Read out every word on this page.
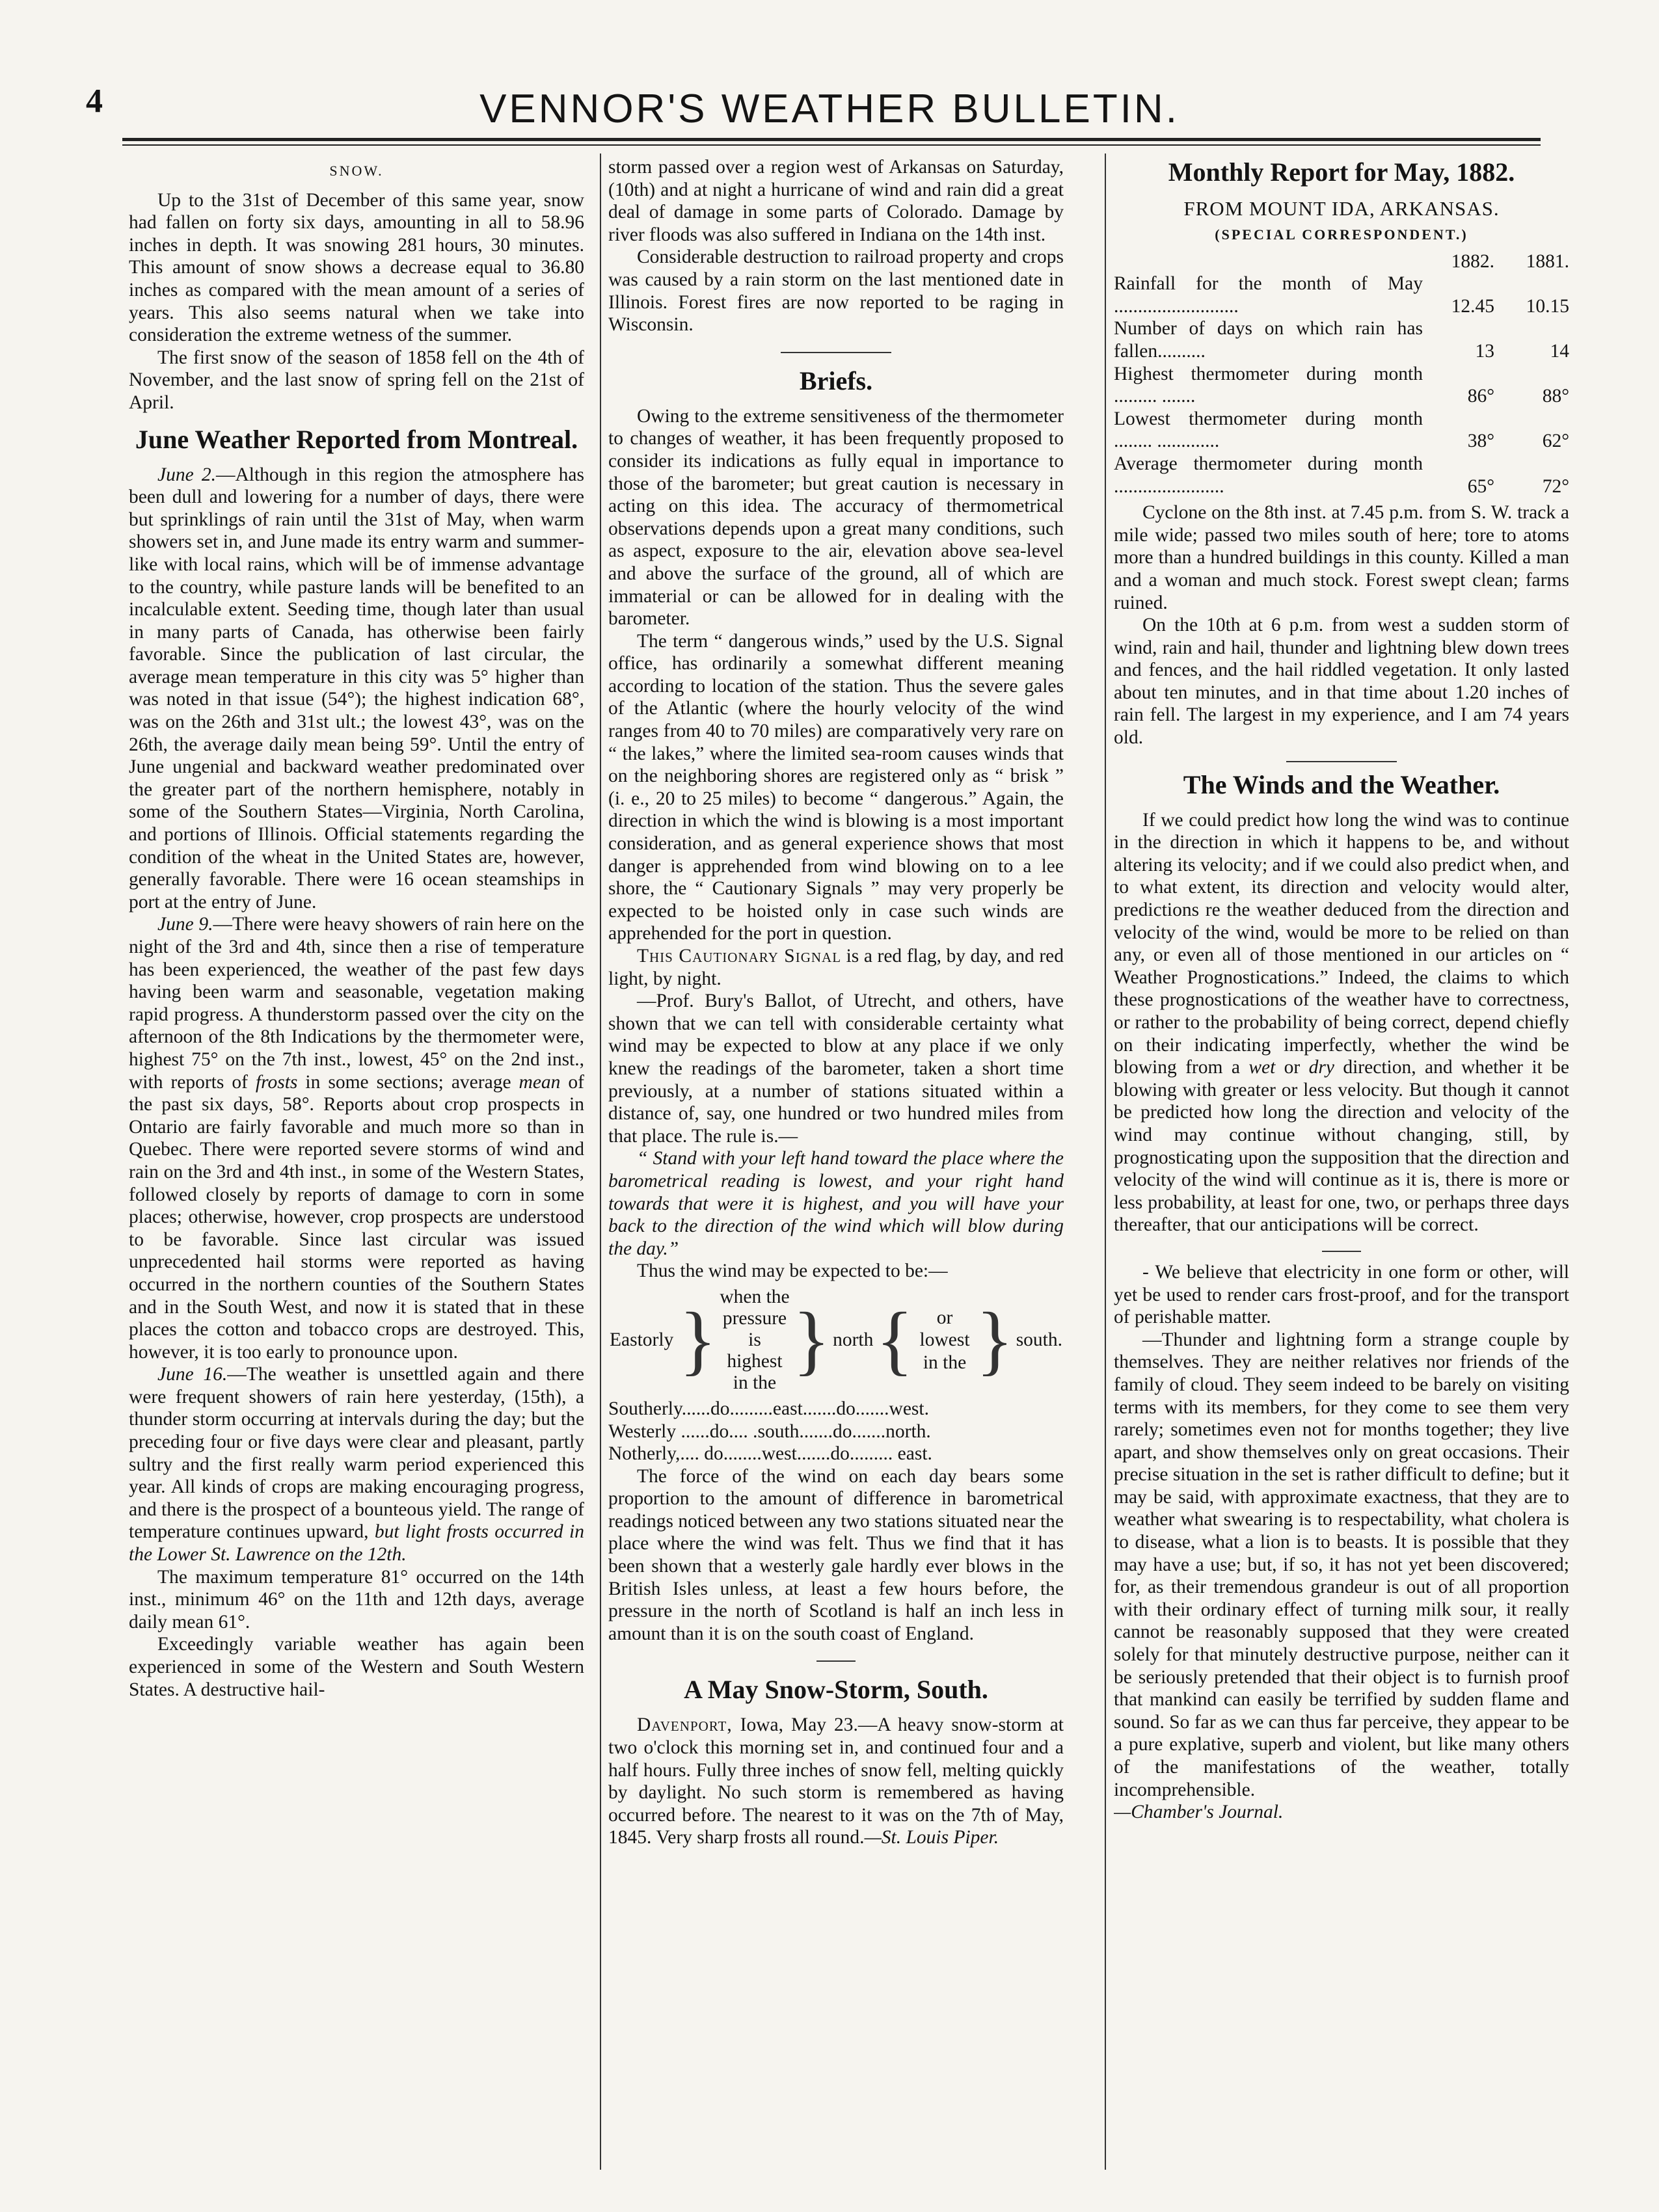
4	VENNOR'S WEATHER BULLETIN.
SNOW.

Up to the 31st of December of this same year, snow had fallen on forty six days, amounting in all to 58.96 inches in depth. It was snowing 281 hours, 30 minutes. This amount of snow shows a decrease equal to 36.80 inches as compared with the mean amount of a series of years. This also seems natural when we take into consideration the extreme wetness of the summer.

The first snow of the season of 1858 fell on the 4th of November, and the last snow of spring fell on the 21st of April.

June Weather Reported from Montreal.

June 2.—Although in this region the atmosphere has been dull and lowering for a number of days, there were but sprinklings of rain until the 31st of May, when warm showers set in, and June made its entry warm and summer-like with local rains, which will be of immense advantage to the country, while pasture lands will be benefited to an incalculable extent. Seeding time, though later than usual in many parts of Canada, has otherwise been fairly favorable. Since the publication of last circular, the average mean temperature in this city was 5° higher than was noted in that issue (54°); the highest indication 68°, was on the 26th and 31st ult.; the lowest 43°, was on the 26th, the average daily mean being 59°. Until the entry of June ungenial and backward weather predominated over the greater part of the northern hemisphere, notably in some of the Southern States—Virginia, North Carolina, and portions of Illinois. Official statements regarding the condition of the wheat in the United States are, however, generally favorable. There were 16 ocean steamships in port at the entry of June.

June 9.—There were heavy showers of rain here on the night of the 3rd and 4th, since then a rise of temperature has been experienced, the weather of the past few days having been warm and seasonable, vegetation making rapid progress. A thunderstorm passed over the city on the afternoon of the 8th Indications by the thermometer were, highest 75° on the 7th inst., lowest, 45° on the 2nd inst., with reports of frosts in some sections; average mean of the past six days, 58°. Reports about crop prospects in Ontario are fairly favorable and much more so than in Quebec. There were reported severe storms of wind and rain on the 3rd and 4th inst., in some of the Western States, followed closely by reports of damage to corn in some places; otherwise, however, crop prospects are understood to be favorable. Since last circular was issued unprecedented hail storms were reported as having occurred in the northern counties of the Southern States and in the South West, and now it is stated that in these places the cotton and tobacco crops are destroyed. This, however, it is too early to pronounce upon.

June 16.—The weather is unsettled again and there were frequent showers of rain here yesterday, (15th), a thunder storm occurring at intervals during the day; but the preceding four or five days were clear and pleasant, partly sultry and the first really warm period experienced this year. All kinds of crops are making encouraging progress, and there is the prospect of a bounteous yield. The range of temperature continues upward, but light frosts occurred in the Lower St. Lawrence on the 12th.

The maximum temperature 81° occurred on the 14th inst., minimum 46° on the 11th and 12th days, average daily mean 61°.

Exceedingly variable weather has again been experienced in some of the Western and South Western States. A destructive hail-

storm passed over a region west of Arkansas on Saturday, (10th) and at night a hurricane of wind and rain did a great deal of damage in some parts of Colorado. Damage by river floods was also suffered in Indiana on the 14th inst.

Considerable destruction to railroad property and crops was caused by a rain storm on the last mentioned date in Illinois. Forest fires are now reported to be raging in Wisconsin.

Briefs.

Owing to the extreme sensitiveness of the thermometer to changes of weather, it has been frequently proposed to consider its indications as fully equal in importance to those of the barometer; but great caution is necessary in acting on this idea. The accuracy of thermometrical observations depends upon a great many conditions, such as aspect, exposure to the air, elevation above sea-level and above the surface of the ground, all of which are immaterial or can be allowed for in dealing with the barometer.

The term “ dangerous winds,” used by the U.S. Signal office, has ordinarily a somewhat different meaning according to location of the station. Thus the severe gales of the Atlantic (where the hourly velocity of the wind ranges from 40 to 70 miles) are comparatively very rare on “ the lakes,” where the limited sea-room causes winds that on the neighboring shores are registered only as “ brisk ” (i. e., 20 to 25 miles) to become “ dangerous.” Again, the direction in which the wind is blowing is a most important consideration, and as general experience shows that most danger is apprehended from wind blowing on to a lee shore, the “ Cautionary Signals ” may very properly be expected to be hoisted only in case such winds are apprehended for the port in question.

This Cautionary Signal is a red flag, by day, and red light, by night.

—Prof. Bury's Ballot, of Utrecht, and others, have shown that we can tell with considerable certainty what wind may be expected to blow at any place if we only knew the readings of the barometer, taken a short time previously, at a number of stations situated within a distance of, say, one hundred or two hundred miles from that place. The rule is.—

“ Stand with your left hand toward the place where the barometrical reading is lowest, and your right hand towards that were it is highest, and you will have your back to the direction of the wind which will blow during the day.”

Thus the wind may be expected to be:—

Eastorly	}	when the pressure is highest in the	}	north	{	or lowest in the	}	south.
Southerly......do.........east.......do.......west.
Westerly ......do.... .south.......do.......north.
Notherly,.... do........west.......do......... east.

The force of the wind on each day bears some proportion to the amount of difference in barometrical readings noticed between any two stations situated near the place where the wind was felt. Thus we find that it has been shown that a westerly gale hardly ever blows in the British Isles unless, at least a few hours before, the pressure in the north of Scotland is half an inch less in amount than it is on the south coast of England.

A May Snow-Storm, South.

Davenport, Iowa, May 23.—A heavy snow-storm at two o'clock this morning set in, and continued four and a half hours. Fully three inches of snow fell, melting quickly by daylight. No such storm is remembered as having occurred before. The nearest to it was on the 7th of May, 1845. Very sharp frosts all round.—St. Louis Piper.

Monthly Report for May, 1882.
FROM MOUNT IDA, ARKANSAS.
(SPECIAL CORRESPONDENT.)
	1882.	1881.
Rainfall for the month of May ..........................	12.45	10.15
Number of days on which rain has fallen..........	13	14
Highest thermometer during month ......... .......	86°	88°
Lowest thermometer during month ........ .............	38°	62°
Average thermometer during month .......................	65°	72°

Cyclone on the 8th inst. at 7.45 p.m. from S. W. track a mile wide; passed two miles south of here; tore to atoms more than a hundred buildings in this county. Killed a man and a woman and much stock. Forest swept clean; farms ruined.

On the 10th at 6 p.m. from west a sudden storm of wind, rain and hail, thunder and lightning blew down trees and fences, and the hail riddled vegetation. It only lasted about ten minutes, and in that time about 1.20 inches of rain fell. The largest in my experience, and I am 74 years old.

The Winds and the Weather.

If we could predict how long the wind was to continue in the direction in which it happens to be, and without altering its velocity; and if we could also predict when, and to what extent, its direction and velocity would alter, predictions re the weather deduced from the direction and velocity of the wind, would be more to be relied on than any, or even all of those mentioned in our articles on “ Weather Prognostications.” Indeed, the claims to which these prognostications of the weather have to correctness, or rather to the probability of being correct, depend chiefly on their indicating imperfectly, whether the wind be blowing from a wet or dry direction, and whether it be blowing with greater or less velocity. But though it cannot be predicted how long the direction and velocity of the wind may continue without changing, still, by prognosticating upon the supposition that the direction and velocity of the wind will continue as it is, there is more or less probability, at least for one, two, or perhaps three days thereafter, that our anticipations will be correct.

- We believe that electricity in one form or other, will yet be used to render cars frost-proof, and for the transport of perishable matter.

—Thunder and lightning form a strange couple by themselves. They are neither relatives nor friends of the family of cloud. They seem indeed to be barely on visiting terms with its members, for they come to see them very rarely; sometimes even not for months together; they live apart, and show themselves only on great occasions. Their precise situation in the set is rather difficult to define; but it may be said, with approximate exactness, that they are to weather what swearing is to respectability, what cholera is to disease, what a lion is to beasts. It is possible that they may have a use; but, if so, it has not yet been discovered; for, as their tremendous grandeur is out of all proportion with their ordinary effect of turning milk sour, it really cannot be reasonably supposed that they were created solely for that minutely destructive purpose, neither can it be seriously pretended that their object is to furnish proof that mankind can easily be terrified by sudden flame and sound. So far as we can thus far perceive, they appear to be a pure explative, superb and violent, but like many others of the manifestations of the weather, totally incomprehensible.

—Chamber's Journal.
